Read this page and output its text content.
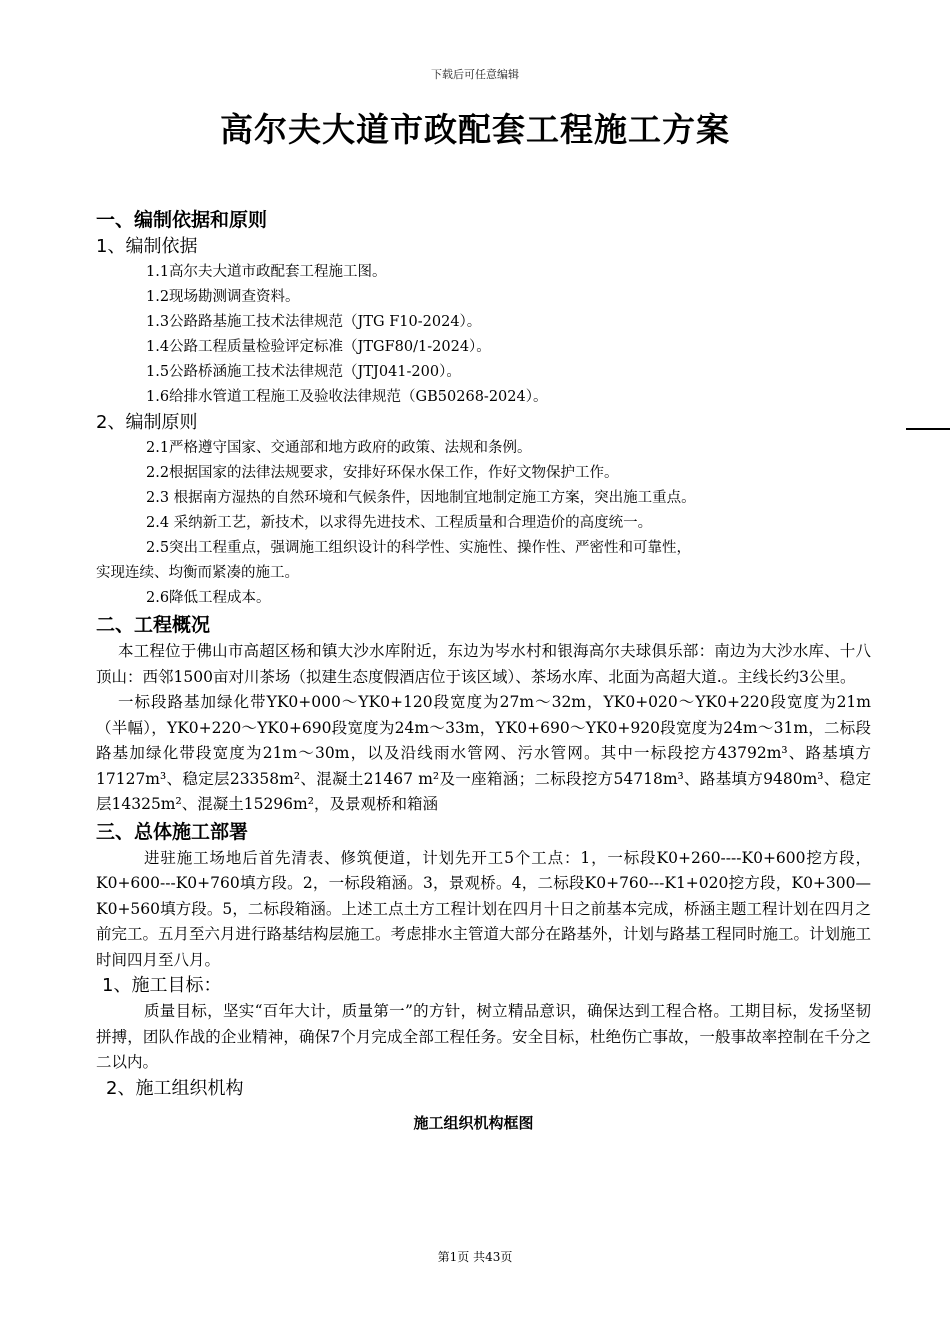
下载后可任意编辑
高尔夫大道市政配套工程施工方案

一、编制依据和原则

1、编制依据

1.1高尔夫大道市政配套工程施工图。

1.2现场勘测调查资料。

1.3公路路基施工技术法律规范（JTG F10-2024）。

1.4公路工程质量检验评定标准（JTGF80/1-2024）。

1.5公路桥涵施工技术法律规范（JTJ041-200）。

1.6给排水管道工程施工及验收法律规范（GB50268-2024）。

2、编制原则

2.1严格遵守国家、交通部和地方政府的政策、法规和条例。

2.2根据国家的法律法规要求，安排好环保水保工作，作好文物保护工作。

2.3 根据南方湿热的自然环境和气候条件，因地制宜地制定施工方案，突出施工重点。

2.4 采纳新工艺，新技术，以求得先进技术、工程质量和合理造价的高度统一。

2.5突出工程重点，强调施工组织设计的科学性、实施性、操作性、严密性和可靠性，

实现连续、均衡而紧凑的施工。

2.6降低工程成本。

二、工程概况

本工程位于佛山市高超区杨和镇大沙水库附近，东边为岑水村和银海高尔夫球俱乐部：南边为大沙水库、十八顶山：西邻1500亩对川茶场（拟建生态度假酒店位于该区域）、茶场水库、北面为高超大道.。主线长约3公里。

一标段路基加绿化带YK0+000～YK0+120段宽度为27m～32m，YK0+020～YK0+220段宽度为21m（半幅），YK0+220～YK0+690段宽度为24m～33m，YK0+690～YK0+920段宽度为24m～31m，二标段路基加绿化带段宽度为21m～30m，以及沿线雨水管网、污水管网。其中一标段挖方43792m³、路基填方17127m³、稳定层23358m²、混凝土21467 m²及一座箱涵；二标段挖方54718m³、路基填方9480m³、稳定层14325m²、混凝土15296m²，及景观桥和箱涵

三、总体施工部署

进驻施工场地后首先清表、修筑便道，计划先开工5个工点：1，一标段K0+260----K0+600挖方段，K0+600---K0+760填方段。2，一标段箱涵。3，景观桥。4，二标段K0+760---K1+020挖方段，K0+300—K0+560填方段。5，二标段箱涵。上述工点土方工程计划在四月十日之前基本完成，桥涵主题工程计划在四月之前完工。五月至六月进行路基结构层施工。考虑排水主管道大部分在路基外，计划与路基工程同时施工。计划施工时间四月至八月。

1、施工目标：

质量目标，坚实“百年大计，质量第一”的方针，树立精品意识，确保达到工程合格。工期目标，发扬坚韧拼搏，团队作战的企业精神，确保7个月完成全部工程任务。安全目标，杜绝伤亡事故，一般事故率控制在千分之二以内。

2、施工组织机构

施工组织机构框图

第1页 共43页
